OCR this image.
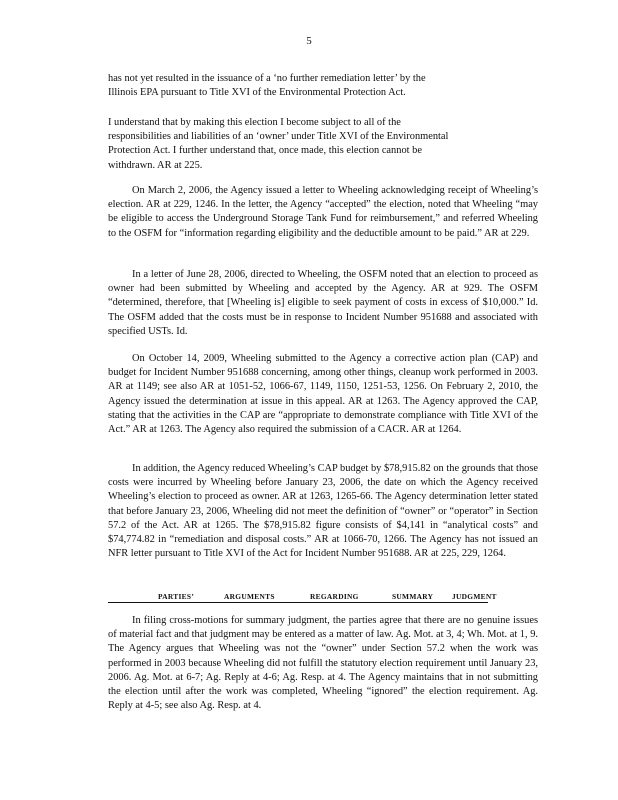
5

has not yet resulted in the issuance of a ‘no further remediation letter’ by the Illinois EPA pursuant to Title XVI of the Environmental Protection Act.

I understand that by making this election I become subject to all of the responsibilities and liabilities of an ‘owner’ under Title XVI of the Environmental Protection Act. I further understand that, once made, this election cannot be withdrawn. AR at 225.

On March 2, 2006, the Agency issued a letter to Wheeling acknowledging receipt of Wheeling’s election. AR at 229, 1246. In the letter, the Agency “accepted” the election, noted that Wheeling “may be eligible to access the Underground Storage Tank Fund for reimbursement,” and referred Wheeling to the OSFM for “information regarding eligibility and the deductible amount to be paid.” AR at 229.

In a letter of June 28, 2006, directed to Wheeling, the OSFM noted that an election to proceed as owner had been submitted by Wheeling and accepted by the Agency. AR at 929. The OSFM “determined, therefore, that [Wheeling is] eligible to seek payment of costs in excess of $10,000.” Id. The OSFM added that the costs must be in response to Incident Number 951688 and associated with specified USTs. Id.

On October 14, 2009, Wheeling submitted to the Agency a corrective action plan (CAP) and budget for Incident Number 951688 concerning, among other things, cleanup work performed in 2003. AR at 1149; see also AR at 1051-52, 1066-67, 1149, 1150, 1251-53, 1256. On February 2, 2010, the Agency issued the determination at issue in this appeal. AR at 1263. The Agency approved the CAP, stating that the activities in the CAP are “appropriate to demonstrate compliance with Title XVI of the Act.” AR at 1263. The Agency also required the submission of a CACR. AR at 1264.

In addition, the Agency reduced Wheeling’s CAP budget by $78,915.82 on the grounds that those costs were incurred by Wheeling before January 23, 2006, the date on which the Agency received Wheeling’s election to proceed as owner. AR at 1263, 1265-66. The Agency determination letter stated that before January 23, 2006, Wheeling did not meet the definition of “owner” or “operator” in Section 57.2 of the Act. AR at 1265. The $78,915.82 figure consists of $4,141 in “analytical costs” and $74,774.82 in “remediation and disposal costs.” AR at 1066-70, 1266. The Agency has not issued an NFR letter pursuant to Title XVI of the Act for Incident Number 951688. AR at 225, 229, 1264.

PARTIES’	ARGUMENTS	REGARDING	SUMMARY	JUDGMENT

In filing cross-motions for summary judgment, the parties agree that there are no genuine issues of material fact and that judgment may be entered as a matter of law. Ag. Mot. at 3, 4; Wh. Mot. at 1, 9. The Agency argues that Wheeling was not the “owner” under Section 57.2 when the work was performed in 2003 because Wheeling did not fulfill the statutory election requirement until January 23, 2006. Ag. Mot. at 6-7; Ag. Reply at 4-6; Ag. Resp. at 4. The Agency maintains that in not submitting the election until after the work was completed, Wheeling “ignored” the election requirement. Ag. Reply at 4-5; see also Ag. Resp. at 4.
